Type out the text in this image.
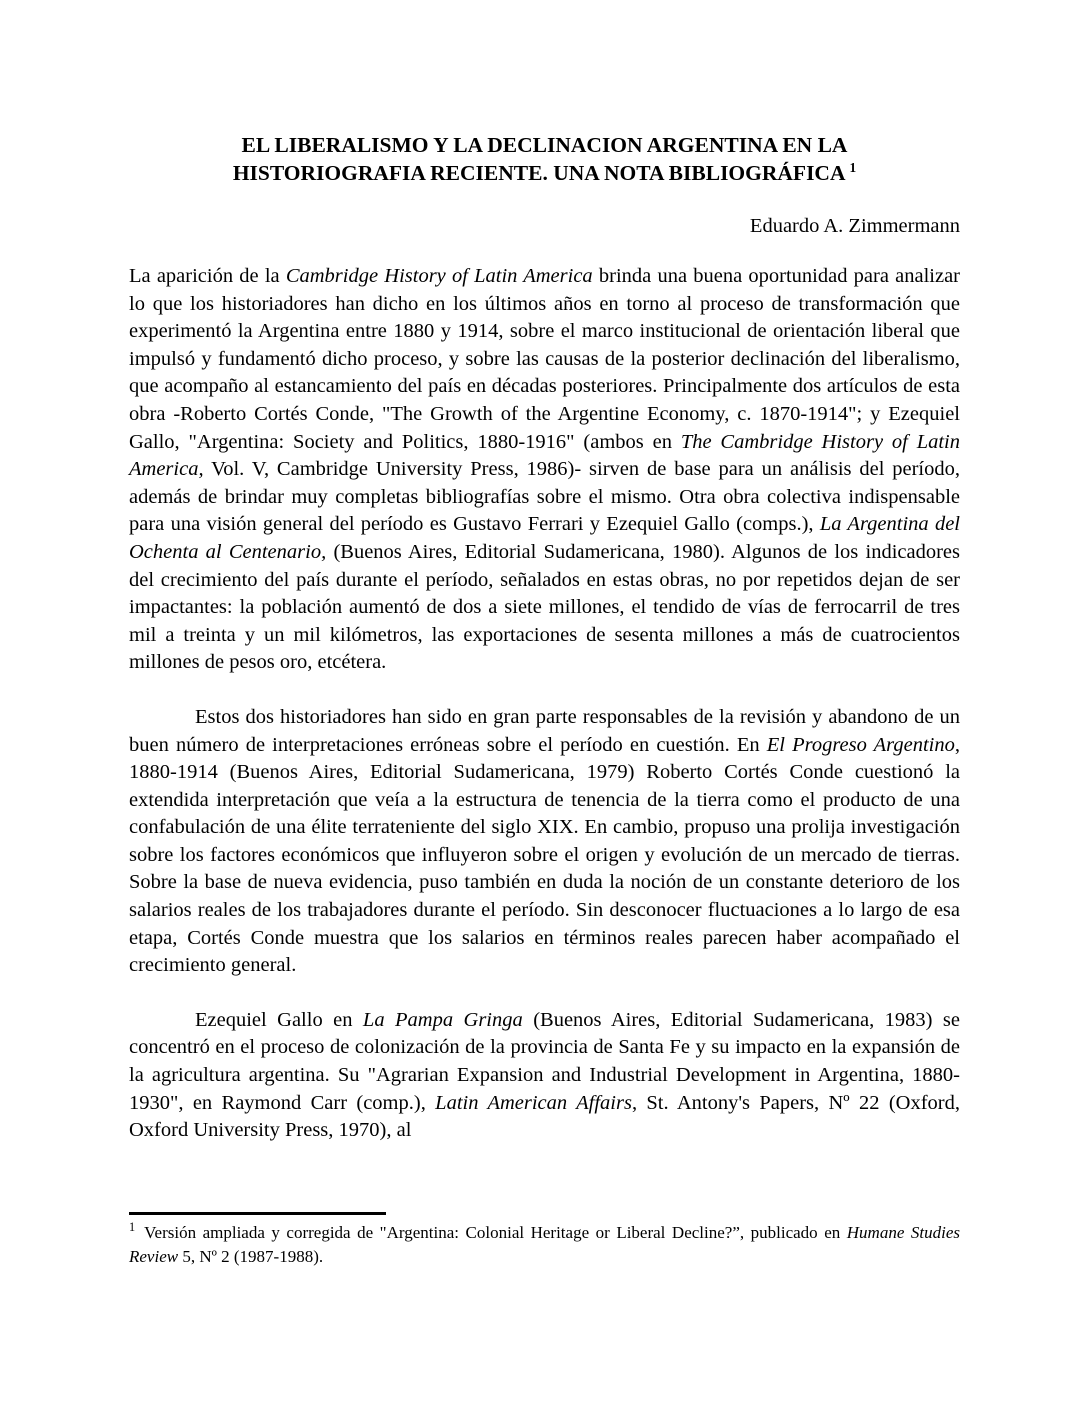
EL LIBERALISMO Y LA DECLINACION ARGENTINA EN LA
HISTORIOGRAFIA RECIENTE. UNA NOTA BIBLIOGRÁFICA $^1$
Eduardo A. Zimmermann

La aparición de la Cambridge History of Latin America brinda una buena oportunidad para analizar lo que los historiadores han dicho en los últimos años en torno al proceso de transformación que experimentó la Argentina entre 1880 y 1914, sobre el marco institucional de orientación liberal que impulsó y fundamentó dicho proceso, y sobre las causas de la posterior declinación del liberalismo, que acompaño al estancamiento del país en décadas posteriores. Principalmente dos artículos de esta obra -Roberto Cortés Conde, "The Growth of the Argentine Economy, c. 1870-1914"; y Ezequiel Gallo, "Argentina: Society and Politics, 1880-1916" (ambos en The Cambridge History of Latin America, Vol. V, Cambridge University Press, 1986)- sirven de base para un análisis del período, además de brindar muy completas bibliografías sobre el mismo. Otra obra colectiva indispensable para una visión general del período es Gustavo Ferrari y Ezequiel Gallo (comps.), La Argentina del Ochenta al Centenario, (Buenos Aires, Editorial Sudamericana, 1980). Algunos de los indicadores del crecimiento del país durante el período, señalados en estas obras, no por repetidos dejan de ser impactantes: la población aumentó de dos a siete millones, el tendido de vías de ferrocarril de tres mil a treinta y un mil kilómetros, las exportaciones de sesenta millones a más de cuatrocientos millones de pesos oro, etcétera.

Estos dos historiadores han sido en gran parte responsables de la revisión y abandono de un buen número de interpretaciones erróneas sobre el período en cuestión. En El Progreso Argentino, 1880-1914 (Buenos Aires, Editorial Sudamericana, 1979) Roberto Cortés Conde cuestionó la extendida interpretación que veía a la estructura de tenencia de la tierra como el producto de una confabulación de una élite terrateniente del siglo XIX. En cambio, propuso una prolija investigación sobre los factores económicos que influyeron sobre el origen y evolución de un mercado de tierras. Sobre la base de nueva evidencia, puso también en duda la noción de un constante deterioro de los salarios reales de los trabajadores durante el período. Sin desconocer fluctuaciones a lo largo de esa etapa, Cortés Conde muestra que los salarios en términos reales parecen haber acompañado el crecimiento general.

Ezequiel Gallo en La Pampa Gringa (Buenos Aires, Editorial Sudamericana, 1983) se concentró en el proceso de colonización de la provincia de Santa Fe y su impacto en la expansión de la agricultura argentina. Su "Agrarian Expansion and Industrial Development in Argentina, 1880-1930", en Raymond Carr (comp.), Latin American Affairs, St. Antony's Papers, Nº 22 (Oxford, Oxford University Press, 1970), al

$^1$ Versión ampliada y corregida de "Argentina: Colonial Heritage or Liberal Decline?”, publicado en Humane Studies Review 5, Nº 2 (1987-1988).
